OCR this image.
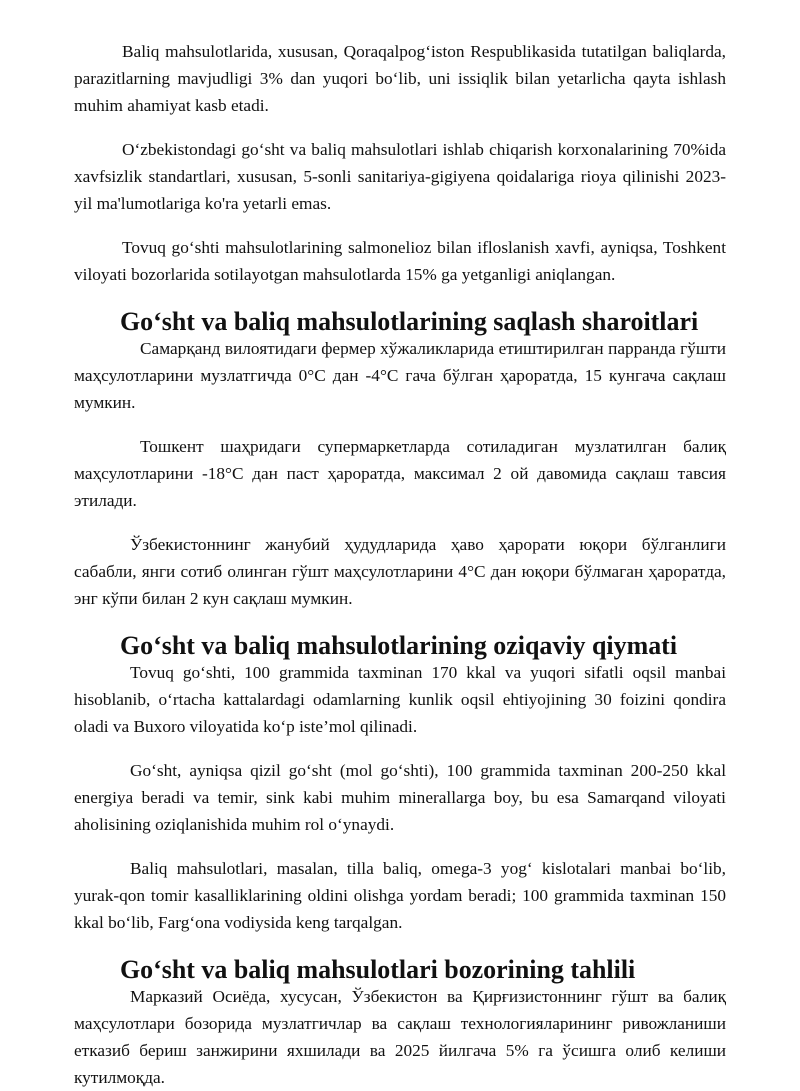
Baliq mahsulotlarida, xususan, Qoraqalpog‘iston Respublikasida tutatilgan baliqlarda, parazitlarning mavjudligi 3% dan yuqori bo‘lib, uni issiqlik bilan yetarlicha qayta ishlash muhim ahamiyat kasb etadi.

O‘zbekistondagi go‘sht va baliq mahsulotlari ishlab chiqarish korxonalarining 70%ida xavfsizlik standartlari, xususan, 5-sonli sanitariya-gigiyena qoidalariga rioya qilinishi 2023-yil ma'lumotlariga ko'ra yetarli emas.

Tovuq go‘shti mahsulotlarining salmonelioz bilan ifloslanish xavfi, ayniqsa, Toshkent viloyati bozorlarida sotilayotgan mahsulotlarda 15% ga yetganligi aniqlangan.

Go‘sht va baliq mahsulotlarining saqlash sharoitlari

Самарқанд вилоятидаги фермер хўжаликларида етиштирилган парранда гўшти маҳсулотларини музлатгичда 0°C дан -4°C гача бўлган ҳароратда, 15 кунгача сақлаш мумкин.

Тошкент шаҳридаги супермаркетларда сотиладиган музлатилган балиқ маҳсулотларини -18°C дан паст ҳароратда, максимал 2 ой давомида сақлаш тавсия этилади.

Ўзбекистоннинг жанубий ҳудудларида ҳаво ҳарорати юқори бўлганлиги сабабли, янги сотиб олинган гўшт маҳсулотларини 4°C дан юқори бўлмаган ҳароратда, энг кўпи билан 2 кун сақлаш мумкин.

Go‘sht va baliq mahsulotlarining oziqaviy qiymati

Tovuq go‘shti, 100 grammida taxminan 170 kkal va yuqori sifatli oqsil manbai hisoblanib, o‘rtacha kattalardagi odamlarning kunlik oqsil ehtiyojining 30 foizini qondira oladi va Buxoro viloyatida ko‘p iste’mol qilinadi.

Go‘sht, ayniqsa qizil go‘sht (mol go‘shti), 100 grammida taxminan 200-250 kkal energiya beradi va temir, sink kabi muhim minerallarga boy, bu esa Samarqand viloyati aholisining oziqlanishida muhim rol o‘ynaydi.

Baliq mahsulotlari, masalan, tilla baliq, omega-3 yog‘ kislotalari manbai bo‘lib, yurak-qon tomir kasalliklarining oldini olishga yordam beradi; 100 grammida taxminan 150 kkal bo‘lib, Farg‘ona vodiysida keng tarqalgan.

Go‘sht va baliq mahsulotlari bozorining tahlili

Марказий Осиёда, хусусан, Ўзбекистон ва Қирғизистоннинг гўшт ва балиқ маҳсулотлари бозорида музлатгичлар ва сақлаш технологияларининг ривожланиши етказиб бериш занжирини яхшилади ва 2025 йилгача 5% га ўсишга олиб келиши кутилмоқда.
